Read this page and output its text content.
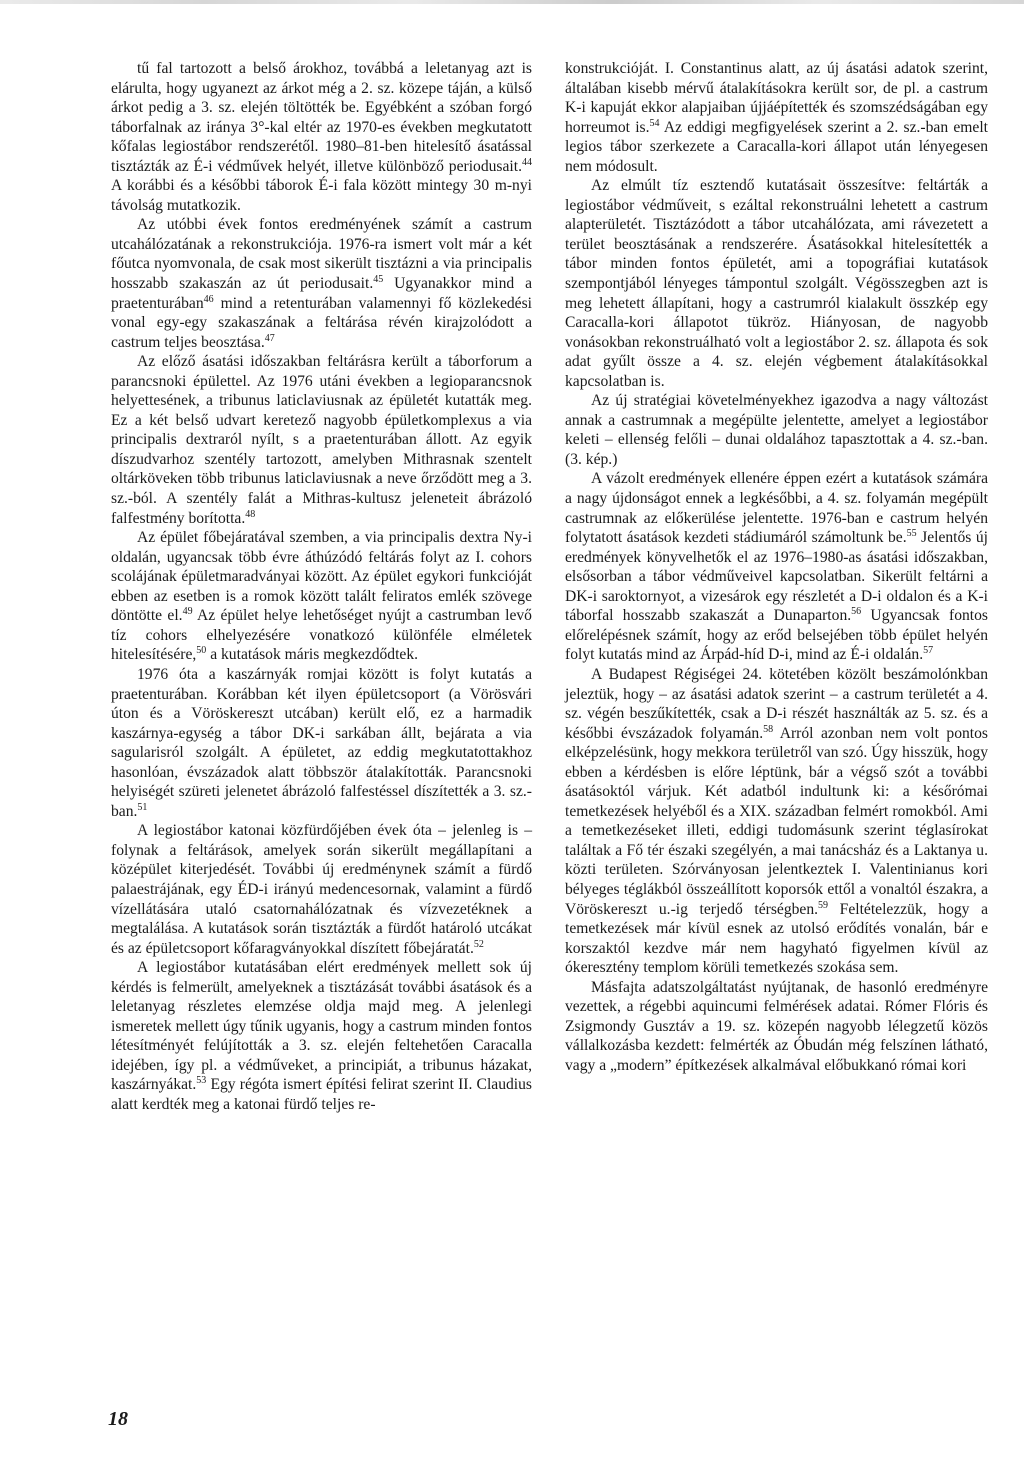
tű fal tartozott a belső árokhoz, továbbá a leletanyag azt is elárulta, hogy ugyanezt az árkot még a 2. sz. közepe táján, a külső árkot pedig a 3. sz. elején töltötték be. Egyébként a szóban forgó táborfalnak az iránya 3°-kal eltér az 1970-es években megkutatott kőfalas legiostábor rendszerétől. 1980–81-ben hitelesítő ásatással tisztázták az É-i védművek helyét, illetve különböző periodusait.$^{44}$ A korábbi és a későbbi táborok É-i fala között mintegy 30 m-nyi távolság mutatkozik.

Az utóbbi évek fontos eredményének számít a castrum utcahálózatának a rekonstrukciója. 1976-ra ismert volt már a két főutca nyomvonala, de csak most sikerült tisztázni a via principalis hosszabb szakaszán az út periodusait.$^{45}$ Ugyanakkor mind a praetenturában$^{46}$ mind a retenturában valamennyi fő közlekedési vonal egy-egy szakaszának a feltárása révén kirajzolódott a castrum teljes beosztása.$^{47}$

Az előző ásatási időszakban feltárásra került a táborforum a parancsnoki épülettel. Az 1976 utáni években a legioparancsnok helyettesének, a tribunus laticlaviusnak az épületét kutatták meg. Ez a két belső udvart keretező nagyobb épületkomplexus a via principalis dextraról nyílt, s a praetenturában állott. Az egyik díszudvarhoz szentély tartozott, amelyben Mithrasnak szentelt oltárköveken több tribunus laticlaviusnak a neve őrződött meg a 3. sz.-ból. A szentély falát a Mithras-kultusz jeleneteit ábrázoló falfestmény borította.$^{48}$

Az épület főbejáratával szemben, a via principalis dextra Ny-i oldalán, ugyancsak több évre áthúzódó feltárás folyt az I. cohors scolájának épületmaradványai között. Az épület egykori funkcióját ebben az esetben is a romok között talált feliratos emlék szövege döntötte el.$^{49}$ Az épület helye lehetőséget nyújt a castrumban levő tíz cohors elhelyezésére vonatkozó különféle elméletek hitelesítésére,$^{50}$ a kutatások máris megkezdődtek.

1976 óta a kaszárnyák romjai között is folyt kutatás a praetenturában. Korábban két ilyen épületcsoport (a Vörösvári úton és a Vöröskereszt utcában) került elő, ez a harmadik kaszárnya-egység a tábor DK-i sarkában állt, bejárata a via sagularisról szolgált. A épületet, az eddig megkutatottakhoz hasonlóan, évszázadok alatt többször átalakították. Parancsnoki helyiségét szüreti jelenetet ábrázoló falfestéssel díszítették a 3. sz.-ban.$^{51}$

A legiostábor katonai közfürdőjében évek óta – jelenleg is – folynak a feltárások, amelyek során sikerült megállapítani a középület kiterjedését. További új eredménynek számít a fürdő palaestrájának, egy ÉD-i irányú medencesornak, valamint a fürdő vízellátására utaló csatornahálózatnak és vízvezetéknek a megtalálása. A kutatások során tisztázták a fürdőt határoló utcákat és az épületcsoport kőfaragványokkal díszített főbejáratát.$^{52}$

A legiostábor kutatásában elért eredmények mellett sok új kérdés is felmerült, amelyeknek a tisztázását további ásatások és a leletanyag részletes elemzése oldja majd meg. A jelenlegi ismeretek mellett úgy tűnik ugyanis, hogy a castrum minden fontos létesítményét felújították a 3. sz. elején feltehetően Caracalla idejében, így pl. a védműveket, a principiát, a tribunus házakat, kaszárnyákat.$^{53}$ Egy régóta ismert építési felirat szerint II. Claudius alatt kerdték meg a katonai fürdő teljes re-

konstrukcióját. I. Constantinus alatt, az új ásatási adatok szerint, általában kisebb mérvű átalakításokra került sor, de pl. a castrum K-i kapuját ekkor alapjaiban újjáépítették és szomszédságában egy horreumot is.$^{54}$ Az eddigi megfigyelések szerint a 2. sz.-ban emelt legios tábor szerkezete a Caracalla-kori állapot után lényegesen nem módosult.

Az elmúlt tíz esztendő kutatásait összesítve: feltárták a legiostábor védműveit, s ezáltal rekonstruálni lehetett a castrum alapterületét. Tisztázódott a tábor utcahálózata, ami rávezetett a terület beosztásának a rendszerére. Ásatásokkal hitelesítették a tábor minden fontos épületét, ami a topográfiai kutatások szempontjából lényeges támpontul szolgált. Végösszegben azt is meg lehetett állapítani, hogy a castrumról kialakult összkép egy Caracalla-kori állapotot tükröz. Hiányosan, de nagyobb vonásokban rekonstruálható volt a legiostábor 2. sz. állapota és sok adat gyűlt össze a 4. sz. elején végbement átalakításokkal kapcsolatban is.

Az új stratégiai követelményekhez igazodva a nagy változást annak a castrumnak a megépülte jelentette, amelyet a legiostábor keleti – ellenség felőli – dunai oldalához tapasztottak a 4. sz.-ban. (3. kép.)

A vázolt eredmények ellenére éppen ezért a kutatások számára a nagy újdonságot ennek a legkésőbbi, a 4. sz. folyamán megépült castrumnak az előkerülése jelentette. 1976-ban e castrum helyén folytatott ásatások kezdeti stádiumáról számoltunk be.$^{55}$ Jelentős új eredmények könyvelhetők el az 1976–1980-as ásatási időszakban, elsősorban a tábor védműveivel kapcsolatban. Sikerült feltárni a DK-i saroktornyot, a vizesárok egy részletét a D-i oldalon és a K-i táborfal hosszabb szakaszát a Dunaparton.$^{56}$ Ugyancsak fontos előrelépésnek számít, hogy az erőd belsejében több épület helyén folyt kutatás mind az Árpád-híd D-i, mind az É-i oldalán.$^{57}$

A Budapest Régiségei 24. kötetében közölt beszámolónkban jeleztük, hogy – az ásatási adatok szerint – a castrum területét a 4. sz. végén beszűkítették, csak a D-i részét használták az 5. sz. és a későbbi évszázadok folyamán.$^{58}$ Arról azonban nem volt pontos elképzelésünk, hogy mekkora területről van szó. Úgy hisszük, hogy ebben a kérdésben is előre léptünk, bár a végső szót a további ásatásoktól várjuk. Két adatból indultunk ki: a későrómai temetkezések helyéből és a XIX. században felmért romokból. Ami a temetkezéseket illeti, eddigi tudomásunk szerint téglasírokat találtak a Fő tér északi szegélyén, a mai tanácsház és a Laktanya u. közti területen. Szórványosan jelentkeztek I. Valentinianus kori bélyeges téglákból összeállított koporsók ettől a vonaltól északra, a Vöröskereszt u.-ig terjedő térségben.$^{59}$ Feltételezzük, hogy a temetkezések már kívül esnek az utolsó erődítés vonalán, bár e korszaktól kezdve már nem hagyható figyelmen kívül az ókeresztény templom körüli temetkezés szokása sem.

Másfajta adatszolgáltatást nyújtanak, de hasonló eredményre vezettek, a régebbi aquincumi felmérések adatai. Rómer Flóris és Zsigmondy Gusztáv a 19. sz. közepén nagyobb lélegzetű közös vállalkozásba kezdett: felmérték az Óbudán még felszínen látható, vagy a „modern” építkezések alkalmával előbukkanó római kori

18
